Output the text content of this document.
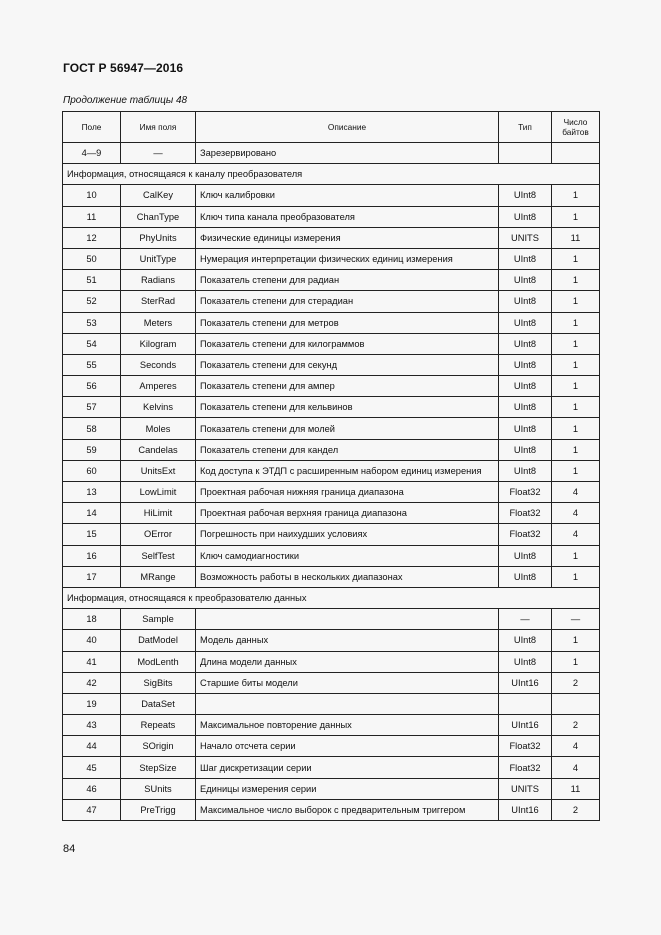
ГОСТ Р 56947—2016
Продолжение таблицы 48
Поле	Имя поля	Описание	Тип	Число байтов
4—9	—	Зарезервировано		
Информация, относящаяся к каналу преобразователя				
10	CalKey	Ключ калибровки	UInt8	1
11	ChanType	Ключ типа канала преобразователя	UInt8	1
12	PhyUnits	Физические единицы измерения	UNITS	11
50	UnitType	Нумерация интерпретации физических единиц измерения	UInt8	1
51	Radians	Показатель степени для радиан	UInt8	1
52	SterRad	Показатель степени для стерадиан	UInt8	1
53	Meters	Показатель степени для метров	UInt8	1
54	Kilogram	Показатель степени для килограммов	UInt8	1
55	Seconds	Показатель степени для секунд	UInt8	1
56	Amperes	Показатель степени для ампер	UInt8	1
57	Kelvins	Показатель степени для кельвинов	UInt8	1
58	Moles	Показатель степени для молей	UInt8	1
59	Candelas	Показатель степени для кандел	UInt8	1
60	UnitsExt	Код доступа к ЭТДП с расширенным набором единиц измерения	UInt8	1
13	LowLimit	Проектная рабочая нижняя граница диапазона	Float32	4
14	HiLimit	Проектная рабочая верхняя граница диапазона	Float32	4
15	OError	Погрешность при наихудших условиях	Float32	4
16	SelfTest	Ключ самодиагностики	UInt8	1
17	MRange	Возможность работы в нескольких диапазонах	UInt8	1
Информация, относящаяся к преобразователю данных				
18	Sample		—	—
40	DatModel	Модель данных	UInt8	1
41	ModLenth	Длина модели данных	UInt8	1
42	SigBits	Старшие биты модели	UInt16	2
19	DataSet			
43	Repeats	Максимальное повторение данных	UInt16	2
44	SOrigin	Начало отсчета серии	Float32	4
45	StepSize	Шаг дискретизации серии	Float32	4
46	SUnits	Единицы измерения серии	UNITS	11
47	PreTrigg	Максимальное число выборок с предварительным триггером	UInt16	2
84
